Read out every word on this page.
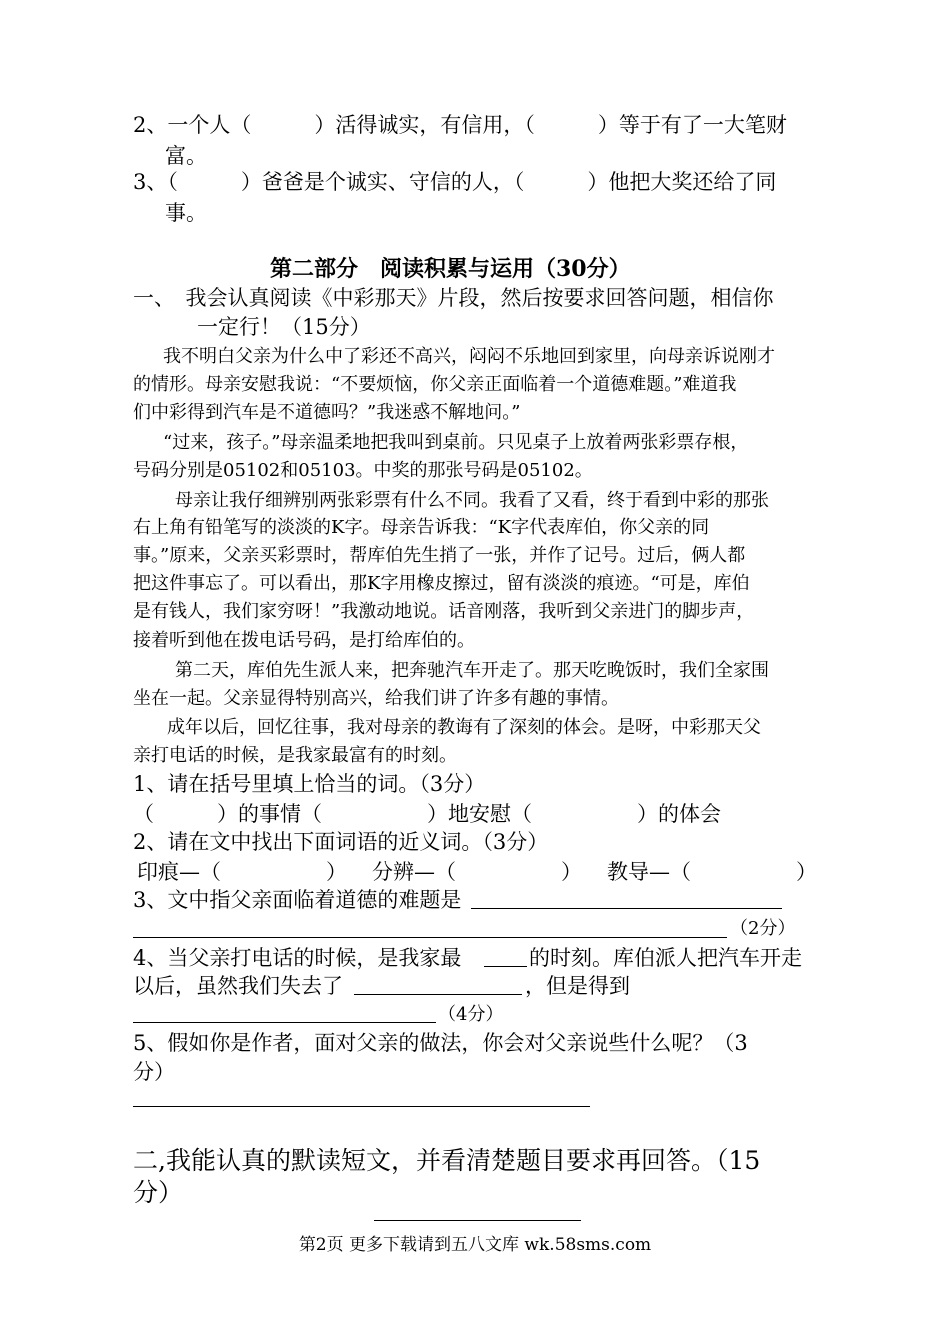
2、一个人（　　　）活得诚实，有信用，（　　　）等于有了一大笔财
富。
3、（　　　）爸爸是个诚实、守信的人，（　　　）他把大奖还给了同
事。
第二部分　阅读积累与运用（30分）
一、　我会认真阅读《中彩那天》片段，然后按要求回答问题，相信你
一定行！（15分）
我不明白父亲为什么中了彩还不高兴，闷闷不乐地回到家里，向母亲诉说刚才
的情形。母亲安慰我说：“不要烦恼，你父亲正面临着一个道德难题。”难道我
们中彩得到汽车是不道德吗？”我迷惑不解地问。”
“过来，孩子。”母亲温柔地把我叫到桌前。只见桌子上放着两张彩票存根，
号码分别是05102和05103。中奖的那张号码是05102。
母亲让我仔细辨别两张彩票有什么不同。我看了又看，终于看到中彩的那张
右上角有铅笔写的淡淡的K字。母亲告诉我：“K字代表库伯，你父亲的同
事。”原来，父亲买彩票时，帮库伯先生捎了一张，并作了记号。过后，俩人都
把这件事忘了。可以看出，那K字用橡皮擦过，留有淡淡的痕迹。“可是，库伯
是有钱人，我们家穷呀！”我激动地说。话音刚落，我听到父亲进门的脚步声，
接着听到他在拨电话号码，是打给库伯的。
第二天，库伯先生派人来，把奔驰汽车开走了。那天吃晚饭时，我们全家围
坐在一起。父亲显得特别高兴，给我们讲了许多有趣的事情。
成年以后，回忆往事，我对母亲的教诲有了深刻的体会。是呀，中彩那天父
亲打电话的时候，是我家最富有的时刻。
1、请在括号里填上恰当的词。（3分）
（　　　）的事情（　　　　　）地安慰（　　　　　）的体会
2、请在文中找出下面词语的近义词。（3分）
印痕—（　　　　　） 分辨—（　　　　　） 教导—（　　　　　）
3、文中指父亲面临着道德的难题是
（2分）
4、当父亲打电话的时候，是我家最	的时刻。库伯派人把汽车开走
以后，虽然我们失去了	，但是得到
（4分）
5、假如你是作者，面对父亲的做法，你会对父亲说些什么呢？（3
分）
二,我能认真的默读短文，并看清楚题目要求再回答。（15
分）
第2页 更多下载请到五八文库 wk.58sms.com
